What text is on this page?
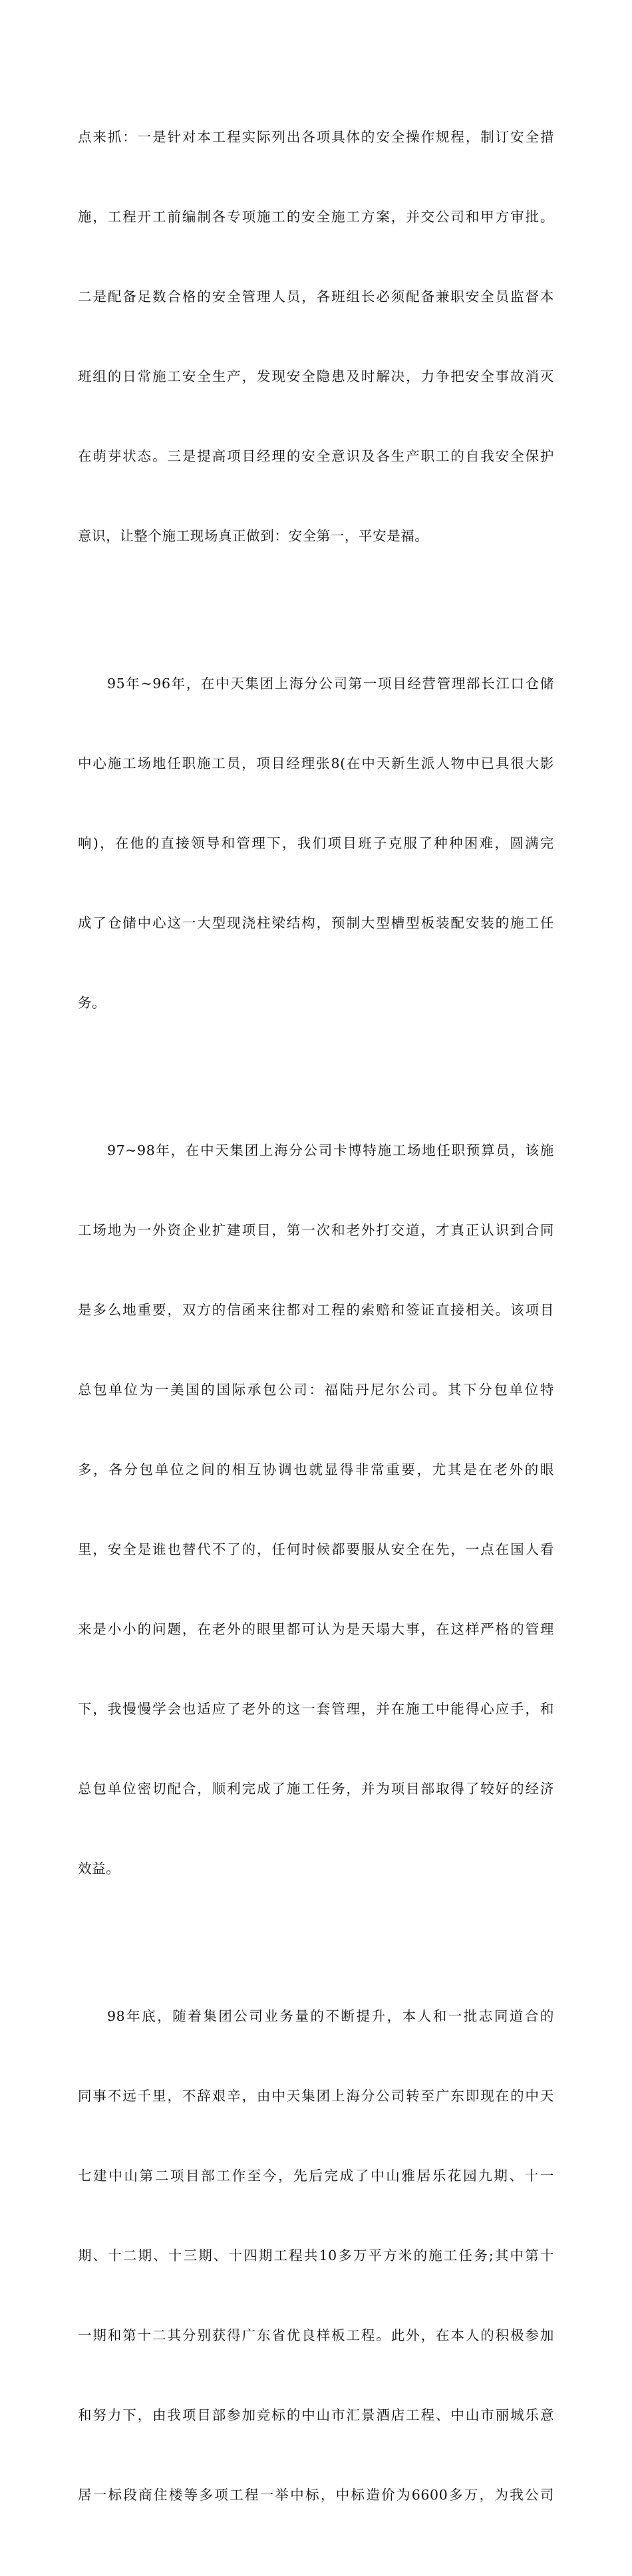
点来抓：一是针对本工程实际列出各项具体的安全操作规程，制订安全措

施，工程开工前编制各专项施工的安全施工方案，并交公司和甲方审批。

二是配备足数合格的安全管理人员，各班组长必须配备兼职安全员监督本

班组的日常施工安全生产，发现安全隐患及时解决，力争把安全事故消灭

在萌芽状态。三是提高项目经理的安全意识及各生产职工的自我安全保护

意识，让整个施工现场真正做到：安全第一，平安是福。

95年~96年，在中天集团上海分公司第一项目经营管理部长江口仓储

中心施工场地任职施工员，项目经理张8(在中天新生派人物中已具很大影

响)，在他的直接领导和管理下，我们项目班子克服了种种困难，圆满完

成了仓储中心这一大型现浇柱梁结构，预制大型槽型板装配安装的施工任

务。

97~98年，在中天集团上海分公司卡博特施工场地任职预算员，该施

工场地为一外资企业扩建项目，第一次和老外打交道，才真正认识到合同

是多么地重要，双方的信函来往都对工程的索赔和签证直接相关。该项目

总包单位为一美国的国际承包公司：福陆丹尼尔公司。其下分包单位特

多，各分包单位之间的相互协调也就显得非常重要，尤其是在老外的眼

里，安全是谁也替代不了的，任何时候都要服从安全在先，一点在国人看

来是小小的问题，在老外的眼里都可认为是天塌大事，在这样严格的管理

下，我慢慢学会也适应了老外的这一套管理，并在施工中能得心应手，和

总包单位密切配合，顺利完成了施工任务，并为项目部取得了较好的经济

效益。

98年底，随着集团公司业务量的不断提升，本人和一批志同道合的

同事不远千里，不辞艰辛，由中天集团上海分公司转至广东即现在的中天

七建中山第二项目部工作至今，先后完成了中山雅居乐花园九期、十一

期、十二期、十三期、十四期工程共10多万平方米的施工任务;其中第十

一期和第十二其分别获得广东省优良样板工程。此外，在本人的积极参加

和努力下，由我项目部参加竞标的中山市汇景酒店工程、中山市丽城乐意

居一标段商住楼等多项工程一举中标，中标造价为6600多万，为我公司
